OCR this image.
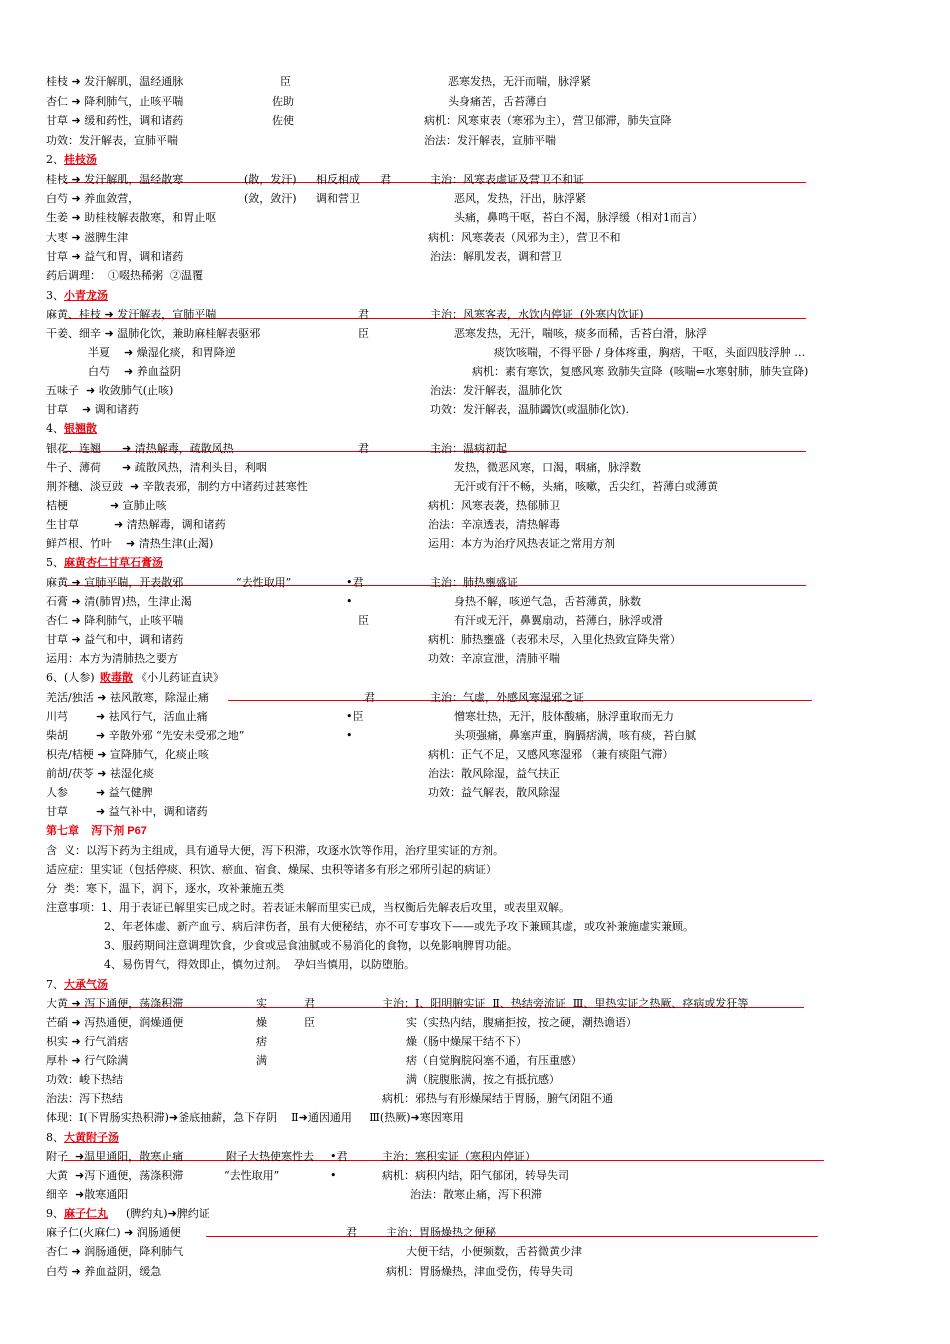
桂枝 ➜ 发汗解肌，温经通脉	臣	恶寒发热，无汗而喘，脉浮紧
杏仁 ➜ 降利肺气，止咳平喘	佐助	头身痛苦，舌苔薄白
甘草 ➜ 缓和药性，调和诸药	佐使	病机：风寒束表（寒邪为主），营卫郁滞，肺失宣降
功效：发汗解表，宣肺平喘	治法：发汗解表，宣肺平喘
2、 桂枝汤
桂枝 ➜ 发汗解肌，温经散寒	(散，发汗) 相反相成 君	主治：风寒表虚证及营卫不和证
白芍 ➜ 养血敛营，	(敛，敛汗) 调和营卫	恶风，发热，汗出，脉浮紧
生姜 ➜ 助桂枝解表散寒，和胃止呕	头痛，鼻鸣干呕，苔白不渴，脉浮缓（相对1而言）
大枣 ➜ 滋脾生津	病机：风寒袭表（风邪为主），营卫不和
甘草 ➜ 益气和胃，调和诸药	治法：解肌发表，调和营卫
药后调理：  ①啜热稀粥  ②温覆
3、 小青龙汤
麻黄、桂枝 ➜ 发汗解表，宣肺平喘	君	主治：风寒客表，水饮内停证  (外寒内饮证)
干姜、细辛 ➜ 温肺化饮，兼助麻桂解表驱邪	臣	恶寒发热，无汗，喘咳，痰多而稀，舌苔白滑，脉浮
半夏    ➜ 燥湿化痰，和胃降逆	痰饮咳喘，不得平卧 / 身体疼重，胸痞，干呕，头面四肢浮肿 …
白芍    ➜ 养血益阴	病机：素有寒饮，复感风寒 致肺失宣降  (咳喘⇐水寒射肺，肺失宣降)
五味子  ➜ 收敛肺气(止咳)	治法：发汗解表，温肺化饮
甘草    ➜ 调和诸药	功效：发汗解表，温肺蠲饮(或温肺化饮).
4、 银翘散
银花、连翘      ➜ 清热解毒，疏散风热	君	主治：温病初起
牛子、薄荷      ➜ 疏散风热，清利头目，利咽	发热，微恶风寒，口渴，咽痛，脉浮数
荆芥穗、淡豆豉  ➜ 辛散表邪，制约方中诸药过甚寒性	无汗或有汗不畅，头痛，咳嗽，舌尖红，苔薄白或薄黄
桔梗            ➜ 宣肺止咳	病机：风寒表袭，热郁肺卫
生甘草          ➜ 清热解毒，调和诸药	治法：辛凉透表，清热解毒
鲜芦根、竹叶    ➜ 清热生津(止渴)	运用：本方为治疗风热表证之常用方剂
5、 麻黄杏仁甘草石膏汤
麻黄 ➜ 宣肺平喘，开表散邪	“去性取用”	•君	主治：肺热壅盛证
石膏 ➜ 清(肺胃)热，生津止渴	•	身热不解，咳逆气急，舌苔薄黄，脉数
杏仁 ➜ 降利肺气，止咳平喘	臣	有汗或无汗，鼻翼扇动，苔薄白，脉浮或滑
甘草 ➜ 益气和中，调和诸药	病机：肺热壅盛（表邪未尽，入里化热致宣降失常）
运用：本方为清肺热之要方	功效：辛凉宣泄，清肺平喘
6、(人参) 败毒散 《小儿药证直诀》
羌活/独活 ➜ 祛风散寒，除湿止痛	君	主治：气虚，外感风寒湿邪之证
川芎        ➜ 祛风行气，活血止痛	•臣	憎寒壮热，无汗，肢体酸痛，脉浮重取而无力
柴胡        ➜ 辛散外邪 “先安未受邪之地”	•	头项强痛，鼻塞声重，胸膈痞满，咳有痰，苔白腻
枳壳/桔梗 ➜ 宣降肺气，化痰止咳	病机：正气不足，又感风寒湿邪 （兼有痰阻气滞）
前胡/茯苓 ➜ 祛湿化痰	治法：散风除湿，益气扶正
人参        ➜ 益气健脾	功效：益气解表，散风除湿
甘草        ➜ 益气补中，调和诸药
第七章    泻下剂 P67
含  义：以泻下药为主组成，具有通导大便，泻下积滞，攻逐水饮等作用，治疗里实证的方剂。
适应症：里实证（包括停痰、积饮、瘀血、宿食、燥屎、虫积等诸多有形之邪所引起的病证）
分  类：寒下，温下，润下，逐水，攻补兼施五类
注意事项：1、用于表证已解里实已成之时。若表证未解而里实已成，当权衡后先解表后攻里，或表里双解。
2、年老体虚、新产血亏、病后津伤者，虽有大便秘结，亦不可专事攻下——或先予攻下兼顾其虚，或攻补兼施虚实兼顾。
3、服药期间注意调理饮食，少食或忌食油腻或不易消化的食物，以免影响脾胃功能。
4、易伤胃气，得效即止，慎勿过剂。  孕妇当慎用，以防堕胎。
7、 大承气汤
大黄 ➜ 泻下通便，荡涤积滞	实	君	主治：Ⅰ、阳明腑实证  Ⅱ、热结旁流证  Ⅲ、里热实证之热厥、痉病或发狂等
芒硝 ➜ 泻热通便，润燥通便	燥	臣	实（实热内结，腹痛拒按，按之硬，潮热谵语）
枳实 ➜ 行气消痞	痞	燥（肠中燥屎干结不下）
厚朴 ➜ 行气除满	满	痞（自觉胸脘闷塞不通，有压重感）
功效：峻下热结	满（脘腹胀满，按之有抵抗感）
治法：泻下热结	病机：邪热与有形燥屎结于胃肠，腑气闭阻不通
体现：Ⅰ(下胃肠实热积滞)➜釜底抽薪，急下存阴    Ⅱ➜通因通用     Ⅲ(热厥)➜寒因寒用
8、 大黄附子汤
附子  ➜温里通阳，散寒止痛	附子大热使寒性去 •君	主治：寒积实证（寒积内停证）
大黄  ➜泻下通便，荡涤积滞	“去性取用”	•	病机：病积内结，阳气郁闭，转导失司
细辛  ➜散寒通阳	治法：散寒止痛，泻下积滞
9、 麻子仁丸 (脾约丸)➜脾约证
麻子仁(火麻仁) ➜ 润肠通便	君	主治：胃肠燥热之便秘
杏仁 ➜ 润肠通便，降利肺气	大便干结，小便频数，舌苔微黄少津
白芍 ➜ 养血益阴，缓急	病机：胃肠燥热，津血受伤，传导失司
